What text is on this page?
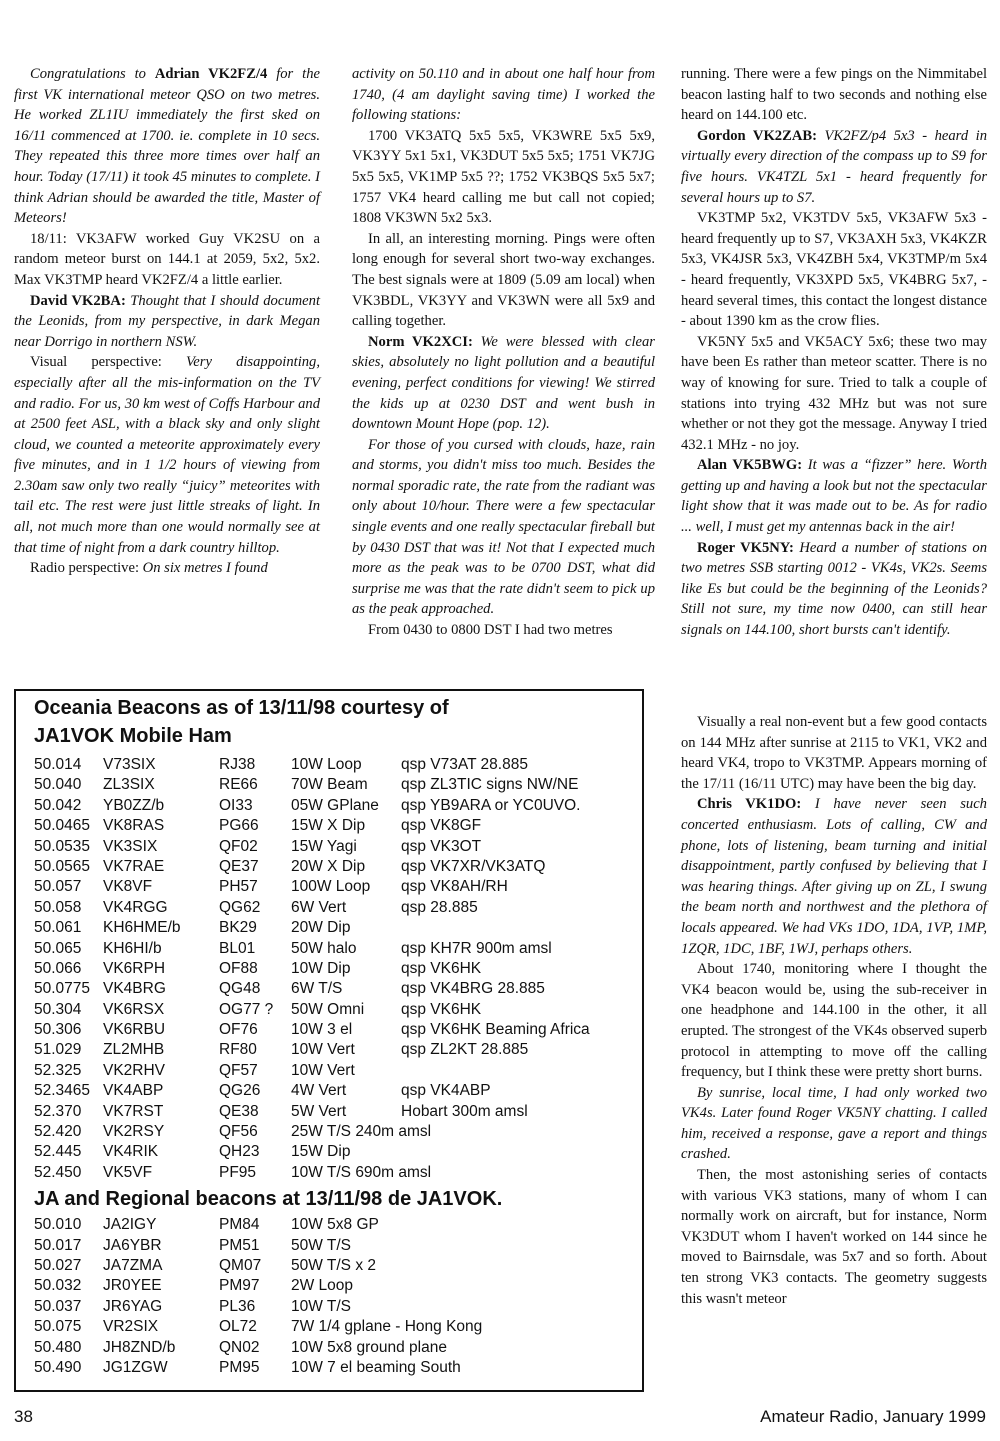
Congratulations to Adrian VK2FZ/4 for the first VK international meteor QSO on two metres. He worked ZL1IU immediately the first sked on 16/11 commenced at 1700. ie. complete in 10 secs. They repeated this three more times over half an hour. Today (17/11) it took 45 minutes to complete. I think Adrian should be awarded the title, Master of Meteors!

18/11: VK3AFW worked Guy VK2SU on a random meteor burst on 144.1 at 2059, 5x2, 5x2. Max VK3TMP heard VK2FZ/4 a little earlier.

David VK2BA: Thought that I should document the Leonids, from my perspective, in dark Megan near Dorrigo in northern NSW.

Visual perspective: Very disappointing, especially after all the mis-information on the TV and radio. For us, 30 km west of Coffs Harbour and at 2500 feet ASL, with a black sky and only slight cloud, we counted a meteorite approximately every five minutes, and in 1 1/2 hours of viewing from 2.30am saw only two really “juicy” meteorites with tail etc. The rest were just little streaks of light. In all, not much more than one would normally see at that time of night from a dark country hilltop.

Radio perspective: On six metres I found

activity on 50.110 and in about one half hour from 1740, (4 am daylight saving time) I worked the following stations:

1700 VK3ATQ 5x5 5x5, VK3WRE 5x5 5x9, VK3YY 5x1 5x1, VK3DUT 5x5 5x5; 1751 VK7JG 5x5 5x5, VK1MP 5x5 ??; 1752 VK3BQS 5x5 5x7; 1757 VK4 heard calling me but call not copied; 1808 VK3WN 5x2 5x3.

In all, an interesting morning. Pings were often long enough for several short two-way exchanges. The best signals were at 1809 (5.09 am local) when VK3BDL, VK3YY and VK3WN were all 5x9 and calling together.

Norm VK2XCI: We were blessed with clear skies, absolutely no light pollution and a beautiful evening, perfect conditions for viewing! We stirred the kids up at 0230 DST and went bush in downtown Mount Hope (pop. 12).

For those of you cursed with clouds, haze, rain and storms, you didn't miss too much. Besides the normal sporadic rate, the rate from the radiant was only about 10/hour. There were a few spectacular single events and one really spectacular fireball but by 0430 DST that was it! Not that I expected much more as the peak was to be 0700 DST, what did surprise me was that the rate didn't seem to pick up as the peak approached.

From 0430 to 0800 DST I had two metres

running. There were a few pings on the Nimmitabel beacon lasting half to two seconds and nothing else heard on 144.100 etc.

Gordon VK2ZAB: VK2FZ/p4 5x3 - heard in virtually every direction of the compass up to S9 for five hours. VK4TZL 5x1 - heard frequently for several hours up to S7.

VK3TMP 5x2, VK3TDV 5x5, VK3AFW 5x3 - heard frequently up to S7, VK3AXH 5x3, VK4KZR 5x3, VK4JSR 5x3, VK4ZBH 5x4, VK3TMP/m 5x4 - heard frequently, VK3XPD 5x5, VK4BRG 5x7, - heard several times, this contact the longest distance - about 1390 km as the crow flies.

VK5NY 5x5 and VK5ACY 5x6; these two may have been Es rather than meteor scatter. There is no way of knowing for sure. Tried to talk a couple of stations into trying 432 MHz but was not sure whether or not they got the message. Anyway I tried 432.1 MHz - no joy.

Alan VK5BWG: It was a “fizzer” here. Worth getting up and having a look but not the spectacular light show that it was made out to be. As for radio ... well, I must get my antennas back in the air!

Roger VK5NY: Heard a number of stations on two metres SSB starting 0012 - VK4s, VK2s. Seems like Es but could be the beginning of the Leonids? Still not sure, my time now 0400, can still hear signals on 144.100, short bursts can't identify.

Visually a real non-event but a few good contacts on 144 MHz after sunrise at 2115 to VK1, VK2 and heard VK4, tropo to VK3TMP. Appears morning of the 17/11 (16/11 UTC) may have been the big day.

Chris VK1DO: I have never seen such concerted enthusiasm. Lots of calling, CW and phone, lots of listening, beam turning and initial disappointment, partly confused by believing that I was hearing things. After giving up on ZL, I swung the beam north and northwest and the plethora of locals appeared. We had VKs 1DO, 1DA, 1VP, 1MP, 1ZQR, 1DC, 1BF, 1WJ, perhaps others.

About 1740, monitoring where I thought the VK4 beacon would be, using the sub-receiver in one headphone and 144.100 in the other, it all erupted. The strongest of the VK4s observed superb protocol in attempting to move off the calling frequency, but I think these were pretty short burns.

By sunrise, local time, I had only worked two VK4s. Later found Roger VK5NY chatting. I called him, received a response, gave a report and things crashed.

Then, the most astonishing series of contacts with various VK3 stations, many of whom I can normally work on aircraft, but for instance, Norm VK3DUT whom I haven't worked on 144 since he moved to Bairnsdale, was 5x7 and so forth. About ten strong VK3 contacts. The geometry suggests this wasn't meteor

Oceania Beacons as of 13/11/98 courtesy of
JA1VOK Mobile Ham
50.014 V73SIX	RJ38 10W Loop	qsp V73AT 28.885
50.040 ZL3SIX	RE66 70W Beam qsp ZL3TIC signs NW/NE
50.042 YB0ZZ/b	OI33 05W GPlane qsp YB9ARA or YC0UVO.
50.0465 VK8RAS	PG66 15W X Dip qsp VK8GF
50.0535 VK3SIX	QF02 15W Yagi	qsp VK3OT
50.0565 VK7RAE	QE37 20W X Dip qsp VK7XR/VK3ATQ
50.057 VK8VF	PH57 100W Loop qsp VK8AH/RH
50.058 VK4RGG	QG62 6W Vert	qsp 28.885
50.061 KH6HME/b BK29 20W Dip
50.065 KH6HI/b	BL01 50W halo	qsp KH7R 900m amsl
50.066 VK6RPH	OF88 10W Dip	qsp VK6HK
50.0775 VK4BRG	QG48 6W T/S	qsp VK4BRG 28.885
50.304 VK6RSX	OG77 ? 50W Omni qsp VK6HK
50.306 VK6RBU	OF76 10W 3 el	qsp VK6HK Beaming Africa
51.029 ZL2MHB	RF80 10W Vert	qsp ZL2KT 28.885
52.325 VK2RHV	QF57 10W Vert
52.3465 VK4ABP	QG26 4W Vert	qsp VK4ABP
52.370 VK7RST	QE38 5W Vert	Hobart 300m amsl
52.420 VK2RSY	QF56 25W T/S 240m amsl
52.445 VK4RIK	QH23 15W Dip
52.450 VK5VF	PF95 10W T/S 690m amsl
JA and Regional beacons at 13/11/98 de JA1VOK.
50.010 JA2IGY	PM84 10W 5x8 GP
50.017 JA6YBR	PM51 50W T/S
50.027 JA7ZMA	QM07 50W T/S x 2
50.032 JR0YEE	PM97 2W Loop
50.037 JR6YAG	PL36 10W T/S
50.075 VR2SIX	OL72 7W 1/4 gplane - Hong Kong
50.480 JH8ZND/b	QN02 10W 5x8 ground plane
50.490 JG1ZGW	PM95 10W 7 el beaming South
38	Amateur Radio, January 1999
